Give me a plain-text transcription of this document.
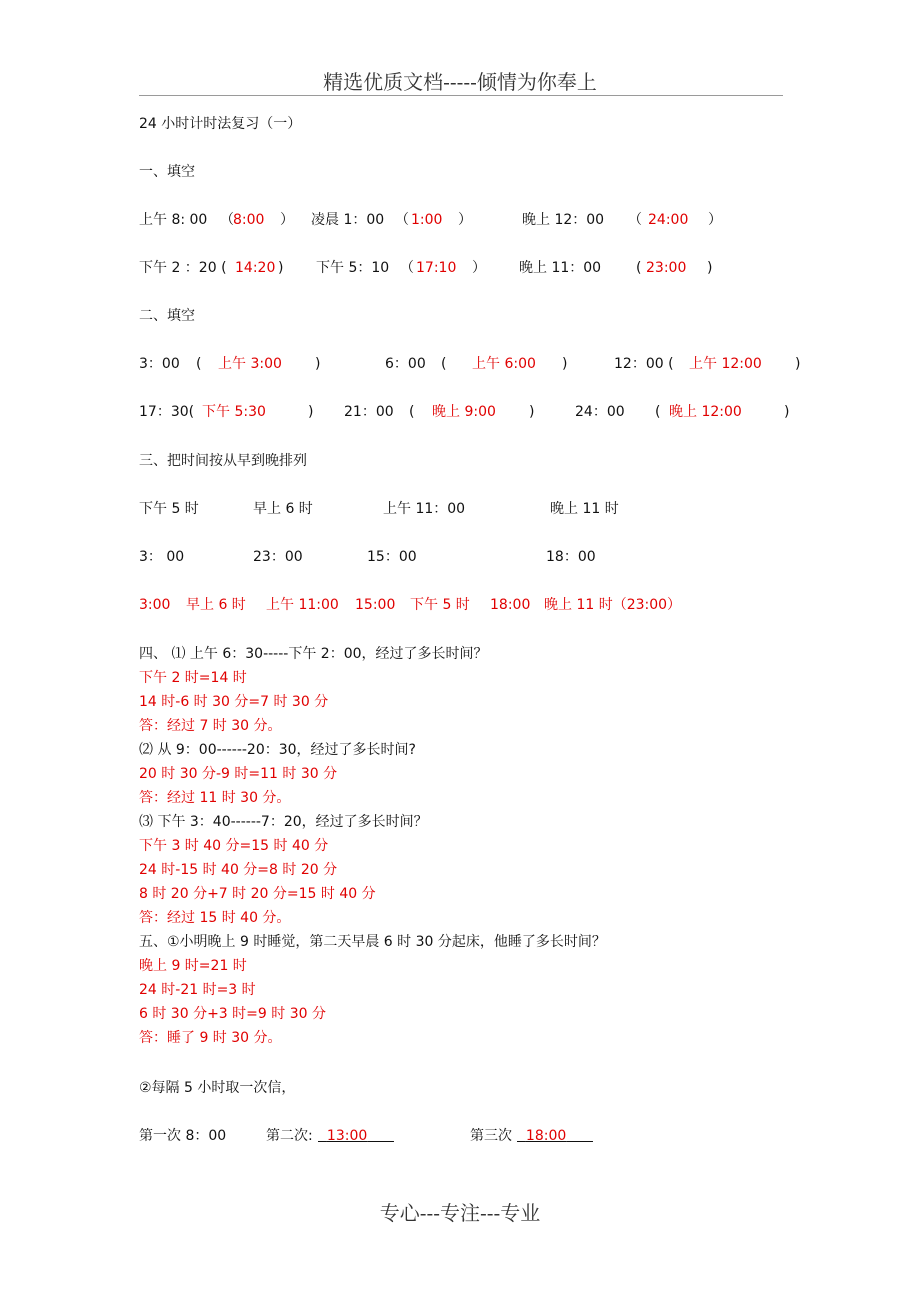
精选优质文档-----倾情为你奉上
24 小时计时法复习（一）
一、填空
上午 8: 00 （ 8:00 ） 凌晨 1：00 （ 1:00 ）	晚上 12：00 （ 24:00 ）
下午 2 ：20 ( 14:20 ) 下午 5：10 （ 17:10 ） 晚上 11：00 ( 23:00 )
二、填空
3：00 ( 上午 3:00 )	6：00 ( 上午 6:00 )	12：00 ( 上午 12:00 )
17：30( 下午 5:30	) 21：00 ( 晚上 9:00 )	24：00 ( 晚上 12:00	)
三、把时间按从早到晚排列
下午 5 时	早上 6 时	上午 11：00	晚上 11 时
3： 00	23：00	15：00	18：00
3:00 早上 6 时 上午 11:00 15:00 下午 5 时 18:00 晚上 11 时（23:00）
四、 ⑴ 上午 6：30-----下午 2：00，经过了多长时间？
下午 2 时=14 时
14 时-6 时 30 分=7 时 30 分
答：经过 7 时 30 分。
⑵ 从 9：00------20：30，经过了多长时间?
20 时 30 分-9 时=11 时 30 分
答：经过 11 时 30 分。
⑶ 下午 3：40------7：20，经过了多长时间？
下午 3 时 40 分=15 时 40 分
24 时-15 时 40 分=8 时 20 分
8 时 20 分+7 时 20 分=15 时 40 分
答：经过 15 时 40 分。
五、①小明晚上 9 时睡觉，第二天早晨 6 时 30 分起床，他睡了多长时间？
晚上 9 时=21 时
24 时-21 时=3 时
6 时 30 分+3 时=9 时 30 分
答：睡了 9 时 30 分。
②每隔 5 小时取一次信，
第一次 8：00	第二次:	13:00	第三次 18:00
专心---专注---专业
